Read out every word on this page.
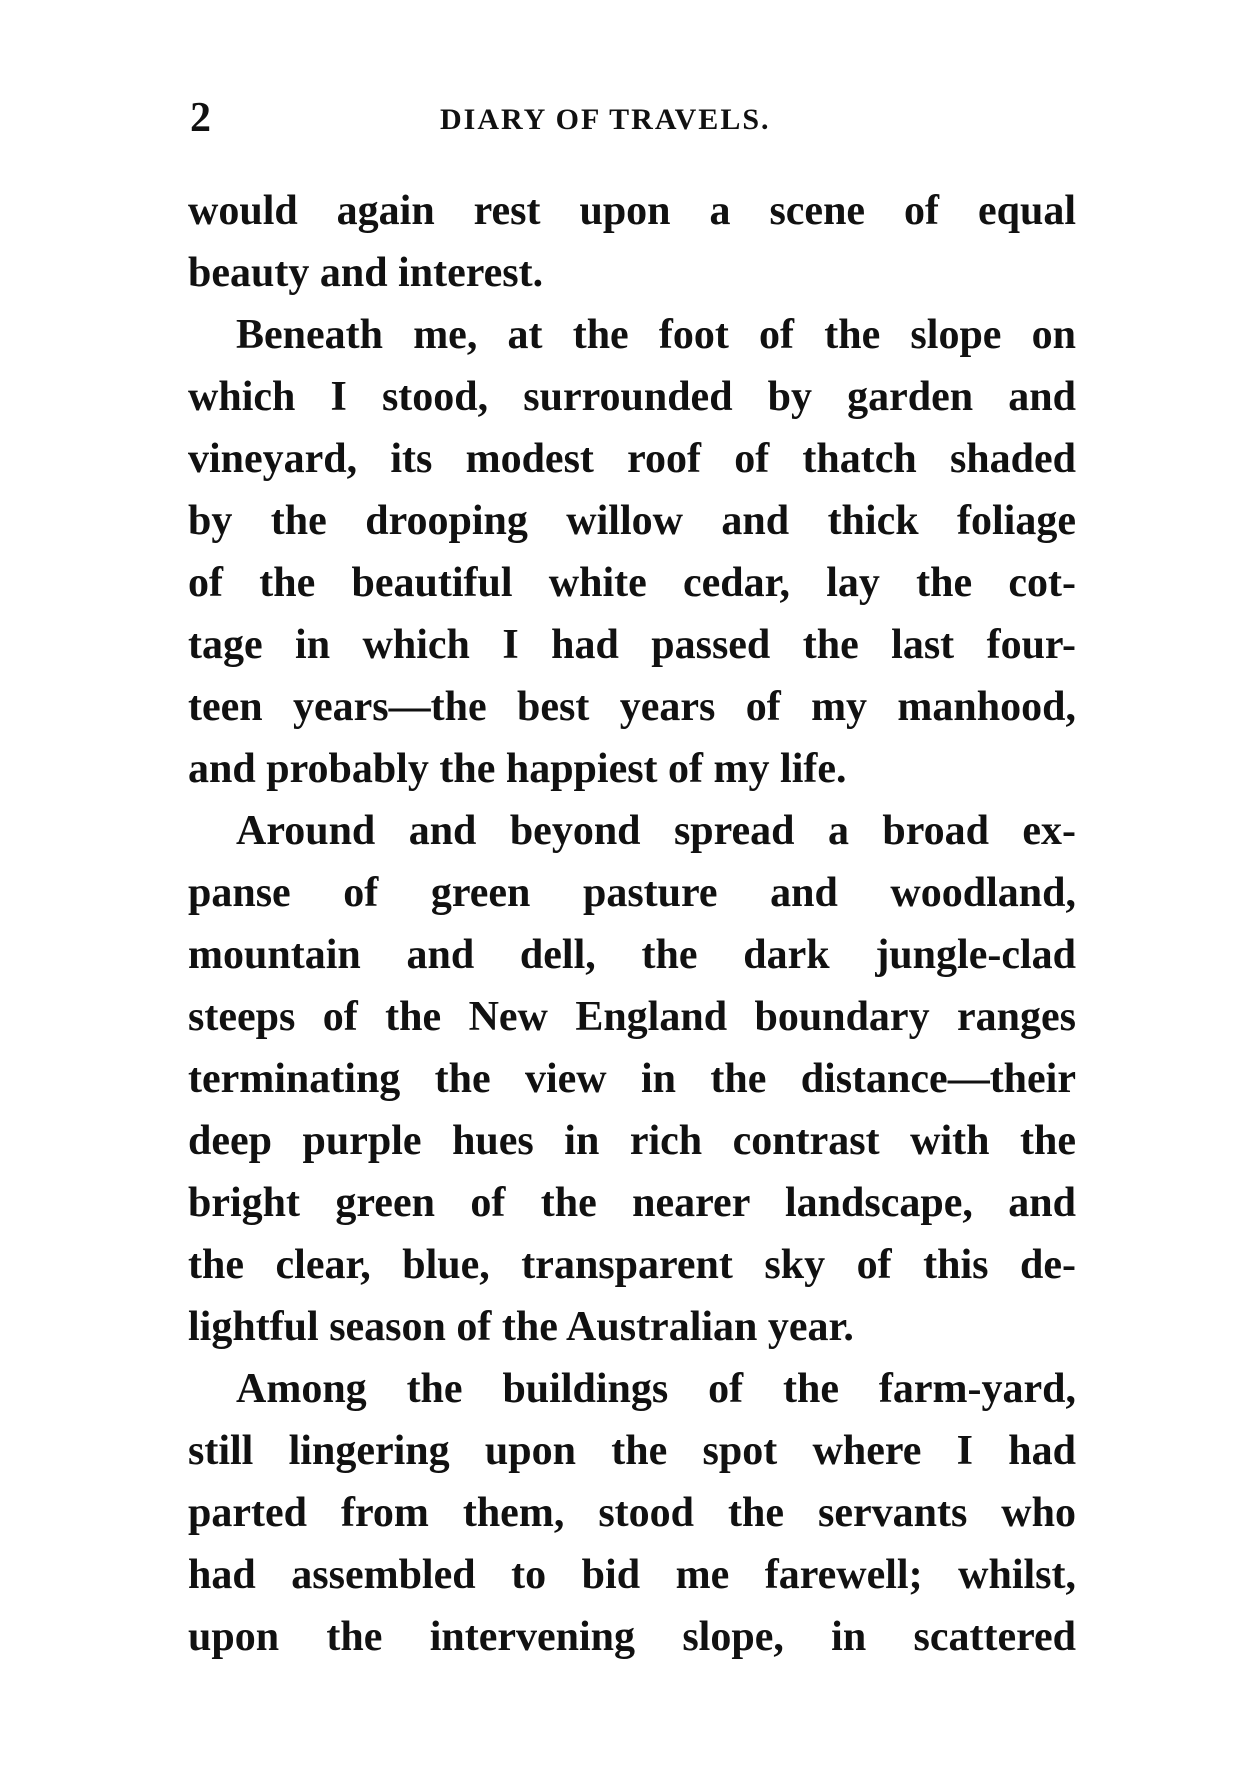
2	DIARY OF TRAVELS.
would again rest upon a scene of equal
beauty and interest.
Beneath me, at the foot of the slope on
which I stood, surrounded by garden and
vineyard, its modest roof of thatch shaded
by the drooping willow and thick foliage
of the beautiful white cedar, lay the cot-
tage in which I had passed the last four-
teen years—the best years of my manhood,
and probably the happiest of my life.
Around and beyond spread a broad ex-
panse of green pasture and woodland,
mountain and dell, the dark jungle-clad
steeps of the New England boundary ranges
terminating the view in the distance—their
deep purple hues in rich contrast with the
bright green of the nearer landscape, and
the clear, blue, transparent sky of this de-
lightful season of the Australian year.
Among the buildings of the farm-yard,
still lingering upon the spot where I had
parted from them, stood the servants who
had assembled to bid me farewell; whilst,
upon the intervening slope, in scattered
